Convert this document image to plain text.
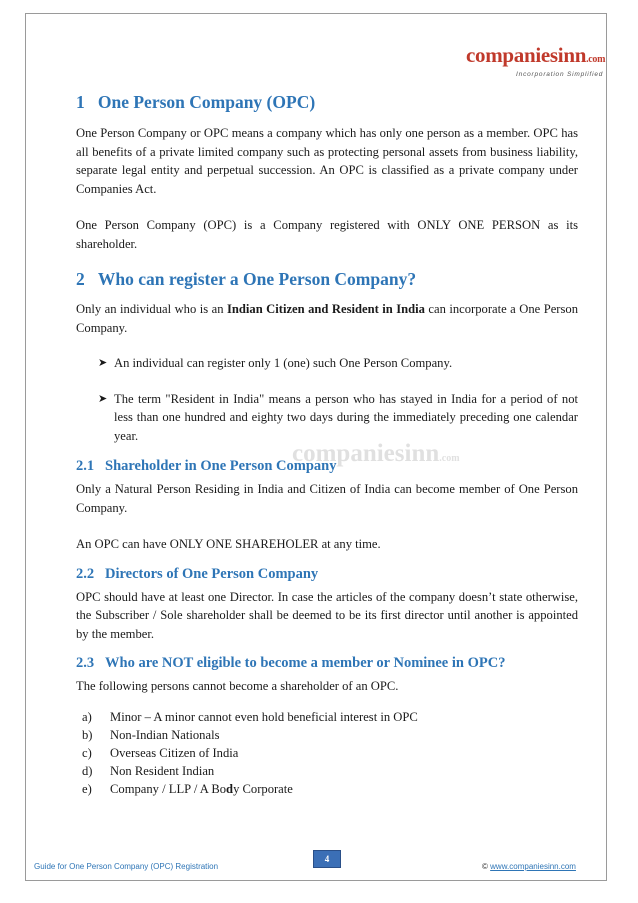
companiesinn.com
Incorporation Simplified
companiesinn.com
1 One Person Company (OPC)

One Person Company or OPC means a company which has only one person as a member. OPC has all benefits of a private limited company such as protecting personal assets from business liability, separate legal entity and perpetual succession. An OPC is classified as a private company under Companies Act.

One Person Company (OPC) is a Company registered with ONLY ONE PERSON as its shareholder.

2 Who can register a One Person Company?

Only an individual who is an Indian Citizen and Resident in India can incorporate a One Person Company.

➤ An individual can register only 1 (one) such One Person Company.
➤ The term "Resident in India" means a person who has stayed in India for a period of not less than one hundred and eighty two days during the immediately preceding one calendar year.
2.1 Shareholder in One Person Company

Only a Natural Person Residing in India and Citizen of India can become member of One Person Company.

An OPC can have ONLY ONE SHAREHOLER at any time.

2.2 Directors of One Person Company

OPC should have at least one Director. In case the articles of the company doesn’t state otherwise, the Subscriber / Sole shareholder shall be deemed to be its first director until another is appointed by the member.

2.3 Who are NOT eligible to become a member or Nominee in OPC?

The following persons cannot become a shareholder of an OPC.

a) Minor – A minor cannot even hold beneficial interest in OPC
b) Non-Indian Nationals
c) Overseas Citizen of India
d) Non Resident Indian
e) Company / LLP / A Body Corporate
4
Guide for One Person Company (OPC) Registration	© www.companiesinn.com
